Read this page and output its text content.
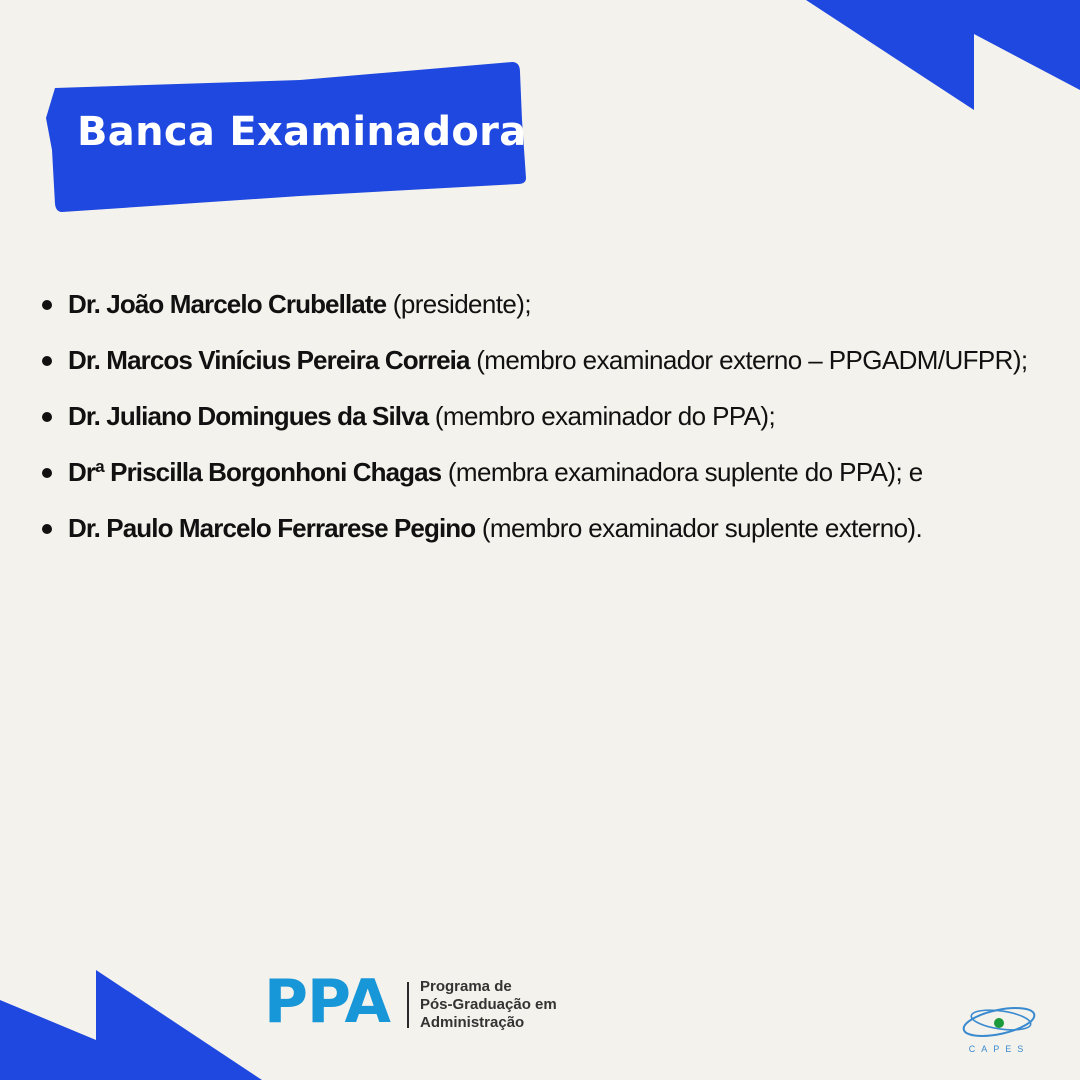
Banca Examinadora
Dr. João Marcelo Crubellate (presidente);
Dr. Marcos Vinícius Pereira Correia (membro examinador externo – PPGADM/UFPR);
Dr. Juliano Domingues da Silva (membro examinador do PPA);
Drª Priscilla Borgonhoni Chagas (membra examinadora suplente do PPA); e
Dr. Paulo Marcelo Ferrarese Pegino (membro examinador suplente externo).
PPA Programa de
Pós-Graduação em
Administração
CAPES
